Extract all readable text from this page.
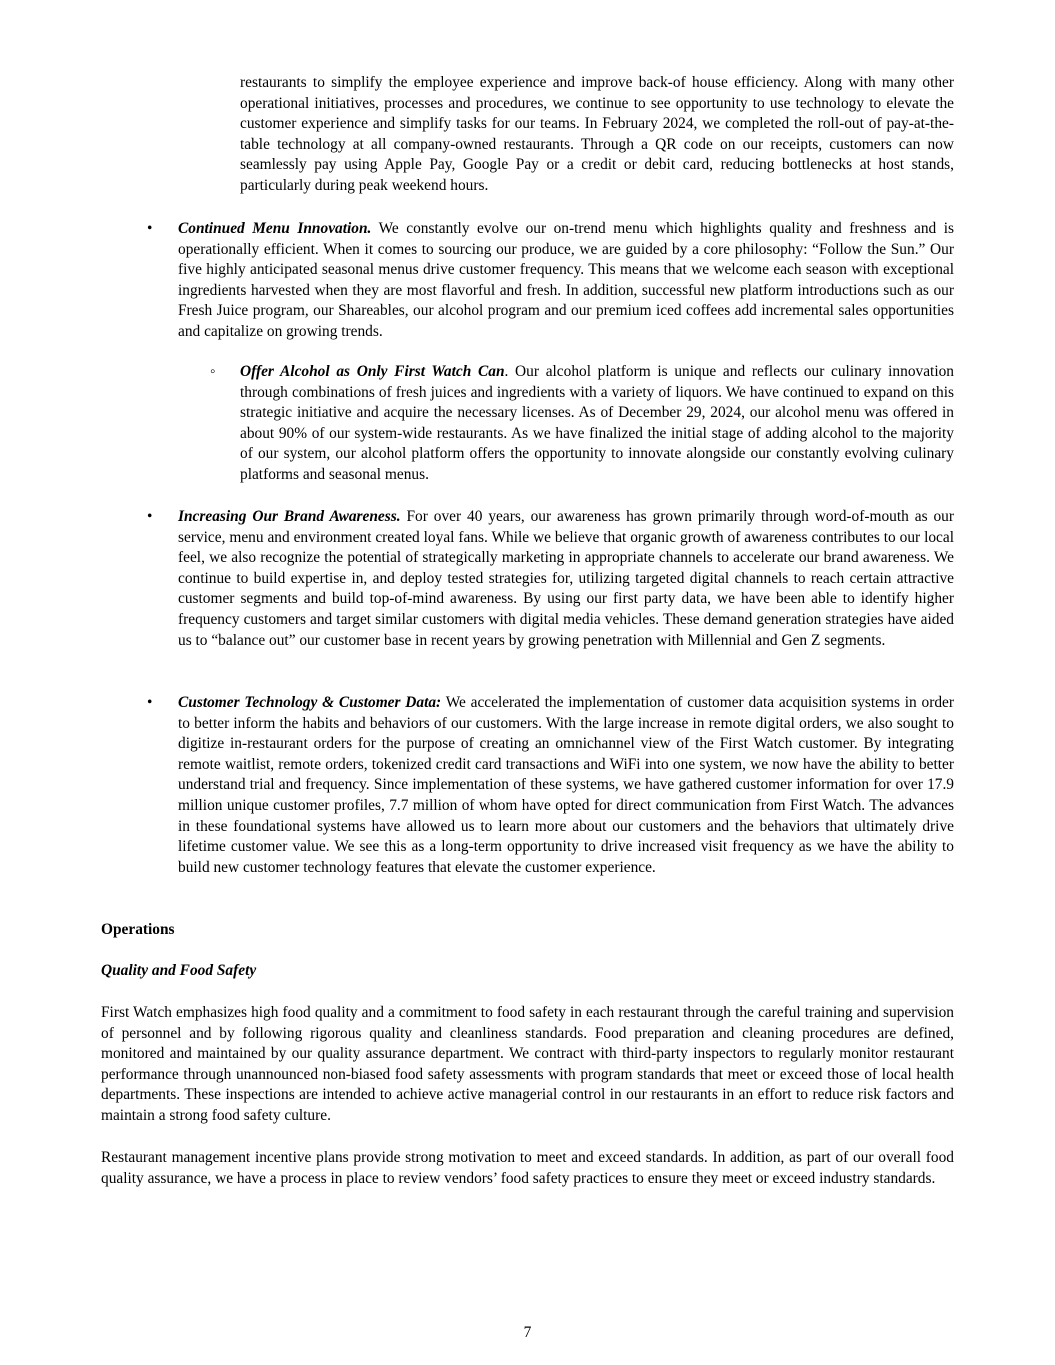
restaurants to simplify the employee experience and improve back-of house efficiency. Along with many other operational initiatives, processes and procedures, we continue to see opportunity to use technology to elevate the customer experience and simplify tasks for our teams. In February 2024, we completed the roll-out of pay-at-the-table technology at all company-owned restaurants. Through a QR code on our receipts, customers can now seamlessly pay using Apple Pay, Google Pay or a credit or debit card, reducing bottlenecks at host stands, particularly during peak weekend hours.

• Continued Menu Innovation. We constantly evolve our on-trend menu which highlights quality and freshness and is operationally efficient. When it comes to sourcing our produce, we are guided by a core philosophy: “Follow the Sun.” Our five highly anticipated seasonal menus drive customer frequency. This means that we welcome each season with exceptional ingredients harvested when they are most flavorful and fresh. In addition, successful new platform introductions such as our Fresh Juice program, our Shareables, our alcohol program and our premium iced coffees add incremental sales opportunities and capitalize on growing trends.

◦ Offer Alcohol as Only First Watch Can. Our alcohol platform is unique and reflects our culinary innovation through combinations of fresh juices and ingredients with a variety of liquors. We have continued to expand on this strategic initiative and acquire the necessary licenses. As of December 29, 2024, our alcohol menu was offered in about 90% of our system-wide restaurants. As we have finalized the initial stage of adding alcohol to the majority of our system, our alcohol platform offers the opportunity to innovate alongside our constantly evolving culinary platforms and seasonal menus.

• Increasing Our Brand Awareness. For over 40 years, our awareness has grown primarily through word-of-mouth as our service, menu and environment created loyal fans. While we believe that organic growth of awareness contributes to our local feel, we also recognize the potential of strategically marketing in appropriate channels to accelerate our brand awareness. We continue to build expertise in, and deploy tested strategies for, utilizing targeted digital channels to reach certain attractive customer segments and build top-of-mind awareness. By using our first party data, we have been able to identify higher frequency customers and target similar customers with digital media vehicles. These demand generation strategies have aided us to “balance out” our customer base in recent years by growing penetration with Millennial and Gen Z segments.

• Customer Technology & Customer Data: We accelerated the implementation of customer data acquisition systems in order to better inform the habits and behaviors of our customers. With the large increase in remote digital orders, we also sought to digitize in-restaurant orders for the purpose of creating an omnichannel view of the First Watch customer. By integrating remote waitlist, remote orders, tokenized credit card transactions and WiFi into one system, we now have the ability to better understand trial and frequency. Since implementation of these systems, we have gathered customer information for over 17.9 million unique customer profiles, 7.7 million of whom have opted for direct communication from First Watch. The advances in these foundational systems have allowed us to learn more about our customers and the behaviors that ultimately drive lifetime customer value. We see this as a long-term opportunity to drive increased visit frequency as we have the ability to build new customer technology features that elevate the customer experience.

Operations

Quality and Food Safety

First Watch emphasizes high food quality and a commitment to food safety in each restaurant through the careful training and supervision of personnel and by following rigorous quality and cleanliness standards. Food preparation and cleaning procedures are defined, monitored and maintained by our quality assurance department. We contract with third-party inspectors to regularly monitor restaurant performance through unannounced non-biased food safety assessments with program standards that meet or exceed those of local health departments. These inspections are intended to achieve active managerial control in our restaurants in an effort to reduce risk factors and maintain a strong food safety culture.

Restaurant management incentive plans provide strong motivation to meet and exceed standards. In addition, as part of our overall food quality assurance, we have a process in place to review vendors’ food safety practices to ensure they meet or exceed industry standards.

7
